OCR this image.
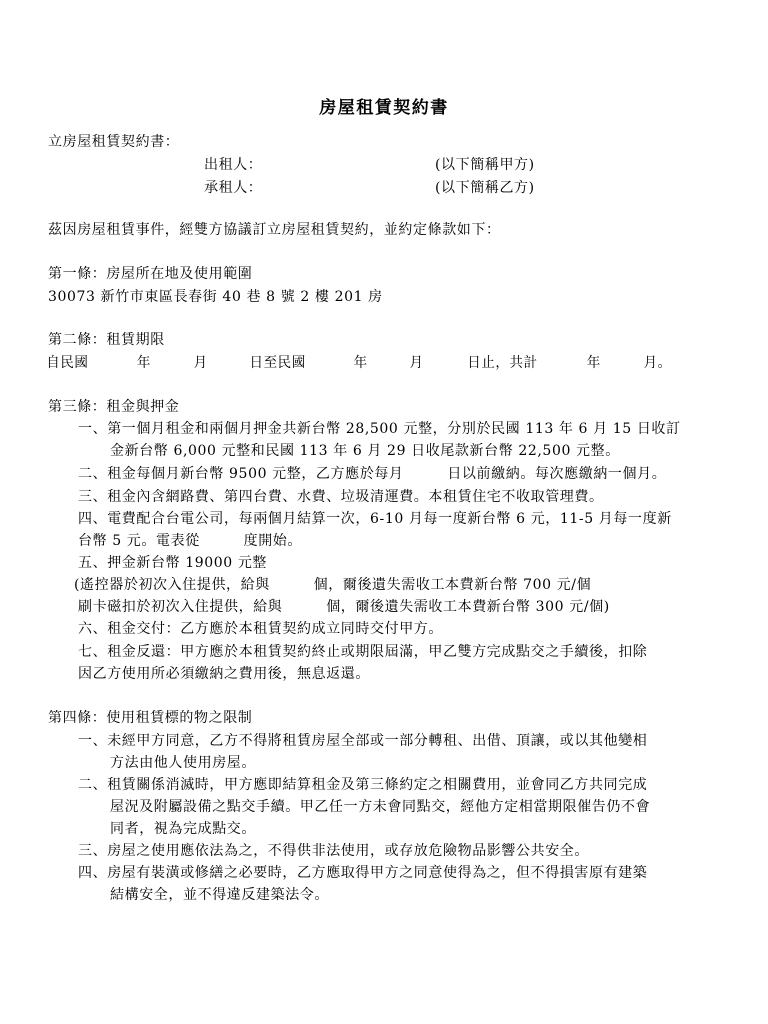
房屋租賃契約書
立房屋租賃契約書：
出租人：	(以下簡稱甲方)
承租人：	(以下簡稱乙方)
茲因房屋租賃事件，經雙方協議訂立房屋租賃契約，並約定條款如下：
第一條：房屋所在地及使用範圍
30073 新竹市東區長春街 40 巷 8 號 2 樓 201 房
第二條：租賃期限
自民國	年	月	日至民國	年	月	日止，共計	年	月。
第三條：租金與押金
一、第一個月租金和兩個月押金共新台幣 28,500 元整，分別於民國 113 年 6 月 15 日收訂
金新台幣 6,000 元整和民國 113 年 6 月 29 日收尾款新台幣 22,500 元整。
二、租金每個月新台幣 9500 元整，乙方應於每月　　　日以前繳納。每次應繳納一個月。
三、租金內含網路費、第四台費、水費、垃圾清運費。本租賃住宅不收取管理費。
四、電費配合台電公司，每兩個月結算一次，6-10 月每一度新台幣 6 元，11-5 月每一度新
台幣 5 元。電表從　　　度開始。
五、押金新台幣 19000 元整
(遙控器於初次入住提供，給與　　　個，爾後遺失需收工本費新台幣 700 元/個
刷卡磁扣於初次入住提供，給與　　　個，爾後遺失需收工本費新台幣 300 元/個)
六、租金交付：乙方應於本租賃契約成立同時交付甲方。
七、租金反還：甲方應於本租賃契約終止或期限屆滿，甲乙雙方完成點交之手續後，扣除
因乙方使用所必須繳納之費用後，無息返還。
第四條：使用租賃標的物之限制
一、未經甲方同意，乙方不得將租賃房屋全部或一部分轉租、出借、頂讓，或以其他變相
方法由他人使用房屋。
二、租賃關係消滅時，甲方應即結算租金及第三條約定之相關費用，並會同乙方共同完成
屋況及附屬設備之點交手續。甲乙任一方未會同點交，經他方定相當期限催告仍不會
同者，視為完成點交。
三、房屋之使用應依法為之，不得供非法使用，或存放危險物品影響公共安全。
四、房屋有裝潢或修繕之必要時，乙方應取得甲方之同意使得為之，但不得損害原有建築
結構安全，並不得違反建築法令。
